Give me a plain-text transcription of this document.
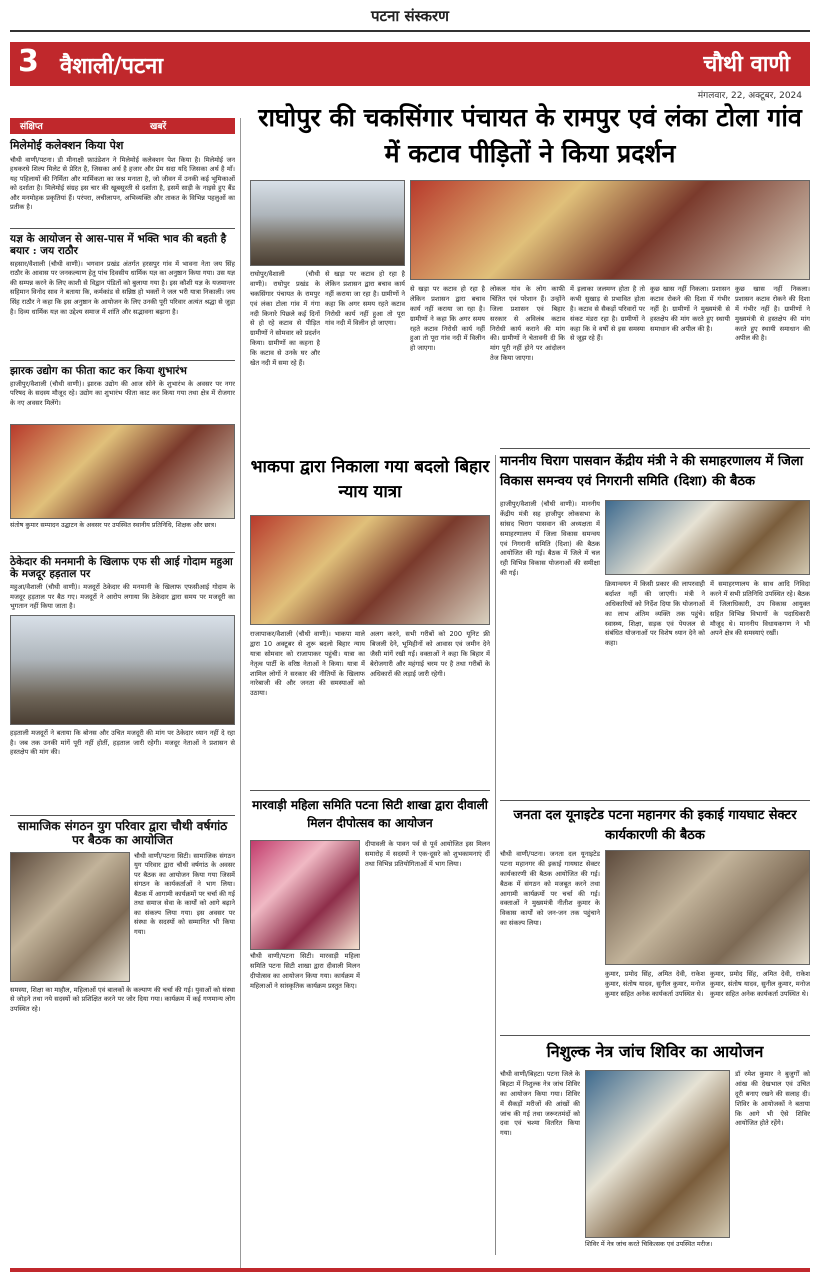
पटना संस्करण
3 वैशाली/पटना	चौथी वाणी
मंगलवार, 22, अक्टूबर, 2024
संक्षिप्त	खबरें
मिलेमोई कलेक्शन किया पेश
चौथी वाणी/पटना। डी मीनाक्षी फ़ाउंडेशन ने मिलेमोई कलेक्शन पेश किया है। मिलेमोई जन हथकरघे शिल्प मिलेट से प्रेरित है, जिसका अर्थ है हजार और प्रेम सदा यदि जिसका अर्थ है माँ। यह पहिलायों की निर्मिता और मार्मिकता का जश्न मनाता है, जो जीवन में उनकी कई भूमिकाओं को दर्शाता है। मिलेमोई संग्रह इस चार की खूबसूरती से दर्शाता है, इसमें साड़ी के नाइसे हुए बैंड और मनमोहक प्रकृतियां हैं। परंपरा, लचीलापन, अभिव्यक्ति और ताकत के विभिन्न पहलुओं का प्रतीक है।
यज्ञ के आयोजन से आस-पास में भक्ति भाव की बहती है बयार : जय राठौर
सहसार/वैशाली (चौथी वाणी)। भगवान प्रखंड अंतर्गत हरसपुर गांव में भावना नेता जय सिंह राठौर के आवास पर जनकल्याण हेतु पांच दिवसीय धार्मिक यज्ञ का अनुष्ठान किया गया। उस यज्ञ की सम्पन्न करने के लिए काशी से विद्वान पंडितों को बुलाया गया है। इस कौशी यज्ञ के यजमान्तर सहिमान विनोद साव ने बताया कि, कर्मकांड से सन्निष्ठ हो भक्तों ने जल भरी यात्रा निकाली। जय सिंह राठौर ने कहा कि इस अनुष्ठान के आयोजन के लिए उनकी पूरी परिवार अत्यंत श्रद्धा से जुड़ा है। दिव्य धार्मिक यज्ञ का उद्देश्य समाज में शांति और सद्भावना बढ़ाना है।
झारक उद्योग का फीता काट कर किया शुभारंभ
हाजीपुर/वैशाली (चौथी वाणी)। झारक उद्योग की आज सोने के शुभारंभ के अवसर पर नगर परिषद के सदस्य मौजूद रहे। उद्योग का शुभारंभ फीता काट कर किया गया तथा क्षेत्र में रोजगार के नए अवसर मिलेंगे।
संतोष कुमार सम्पादन उद्घाटन के अवसर पर उपस्थित स्थानीय प्रतिनिधि, शिक्षक और छात्र।
ठेकेदार की मनमानी के खिलाफ एफ सी आई गोदाम महुआ के मजदूर हड़ताल पर
महुआ/वैशाली (चौथी वाणी)। मजदूरों ठेकेदार की मनमानी के खिलाफ एफसीआई गोदाम के मजदूर हड़ताल पर बैठ गए। मजदूरों ने आरोप लगाया कि ठेकेदार द्वारा समय पर मजदूरी का भुगतान नहीं किया जाता है।
हड़ताली मजदूरों ने बताया कि बोनस और उचित मजदूरी की मांग पर ठेकेदार ध्यान नहीं दे रहा है। जब तक उनकी मांगें पूरी नहीं होतीं, हड़ताल जारी रहेगी। मजदूर नेताओं ने प्रशासन से हस्तक्षेप की मांग की।
सामाजिक संगठन युग परिवार द्वारा चौथी वर्षगांठ पर बैठक का आयोजित
चौथी वाणी/पटना सिटी। सामाजिक संगठन युग परिवार द्वारा चौथी वर्षगांठ के अवसर पर बैठक का आयोजन किया गया जिसमें संगठन के कार्यकर्ताओं ने भाग लिया। बैठक में आगामी कार्यक्रमों पर चर्चा की गई तथा समाज सेवा के कार्यों को आगे बढ़ाने का संकल्प लिया गया। इस अवसर पर संस्था के सदस्यों को सम्मानित भी किया गया।
समस्या, शिक्षा का माहौल, महिलाओं एवं बालकों के कल्याण की चर्चा की गई। युवाओं को संस्था से जोड़ने तथा नये सदस्यों को प्रशिक्षित करने पर जोर दिया गया। कार्यक्रम में कई गणमान्य लोग उपस्थित रहे।
राघोपुर की चकसिंगार पंचायत के रामपुर एवं लंका टोला गांव में कटाव पीड़ितों ने किया प्रदर्शन
राघोपुर/वैशाली (चौथी वाणी)। राघोपुर प्रखंड के चकसिंगार पंचायत के रामपुर एवं लंका टोला गांव में गंगा नदी किनारे पिछले कई दिनों से हो रहे कटाव से पीड़ित ग्रामीणों ने सोमवार को प्रदर्शन किया। ग्रामीणों का कहना है कि कटाव से उनके घर और खेत नदी में समा रहे हैं।
से खड़ा पर कटाव हो रहा है लेकिन प्रशासन द्वारा बचाव कार्य नहीं कराया जा रहा है। ग्रामीणों ने कहा कि अगर समय रहते कटाव निरोधी कार्य नहीं हुआ तो पूरा गांव नदी में विलीन हो जाएगा।
से खड़ा पर कटाव हो रहा है लेकिन प्रशासन द्वारा बचाव कार्य नहीं कराया जा रहा है। ग्रामीणों ने कहा कि अगर समय रहते कटाव निरोधी कार्य नहीं हुआ तो पूरा गांव नदी में विलीन हो जाएगा।
लोकल गांव के लोग काफी चिंतित एवं परेशान हैं। उन्होंने जिला प्रशासन एवं बिहार सरकार से अविलंब कटाव निरोधी कार्य कराने की मांग की। ग्रामीणों ने चेतावनी दी कि मांग पूरी नहीं होने पर आंदोलन तेज किया जाएगा।
में इलाका जलमग्न होता है तो कभी सुखाड़ से प्रभावित होता है। कटाव से सैकड़ों परिवारों पर संकट मंडरा रहा है। ग्रामीणों ने कहा कि वे वर्षों से इस समस्या से जूझ रहे हैं।
कुछ खास नहीं निकला। प्रशासन कटाव रोकने की दिशा में गंभीर नहीं है। ग्रामीणों ने मुख्यमंत्री से हस्तक्षेप की मांग करते हुए स्थायी समाधान की अपील की है।
कुछ खास नहीं निकला। प्रशासन कटाव रोकने की दिशा में गंभीर नहीं है। ग्रामीणों ने मुख्यमंत्री से हस्तक्षेप की मांग करते हुए स्थायी समाधान की अपील की है।
भाकपा द्वारा निकाला गया बदलो बिहार न्याय यात्रा
राजापाकर/वैशाली (चौथी वाणी)। भाकपा माले द्वारा 10 अक्टूबर से शुरू बदलो बिहार न्याय यात्रा सोमवार को राजापाकर पहुंची। यात्रा का नेतृत्व पार्टी के वरिष्ठ नेताओं ने किया। यात्रा में शामिल लोगों ने सरकार की नीतियों के खिलाफ नारेबाजी की और जनता की समस्याओं को उठाया।
अलग करने, सभी गरीबों को 200 यूनिट फ्री बिजली देने, भूमिहीनों को आवास एवं जमीन देने जैसी मांगें रखी गईं। वक्ताओं ने कहा कि बिहार में बेरोजगारी और महंगाई चरम पर है तथा गरीबों के अधिकारों की लड़ाई जारी रहेगी।
मारवाड़ी महिला समिति पटना सिटी शाखा द्वारा दीवाली मिलन दीपोत्सव का आयोजन
चौथी वाणी/पटना सिटी। मारवाड़ी महिला समिति पटना सिटी शाखा द्वारा दीवाली मिलन दीपोत्सव का आयोजन किया गया। कार्यक्रम में महिलाओं ने सांस्कृतिक कार्यक्रम प्रस्तुत किए।
दीपावली के पावन पर्व से पूर्व आयोजित इस मिलन समारोह में सदस्यों ने एक-दूसरे को शुभकामनाएं दीं तथा विभिन्न प्रतियोगिताओं में भाग लिया।
माननीय चिराग पासवान केंद्रीय मंत्री ने की समाहरणालय में जिला विकास समन्वय एवं निगरानी समिति (दिशा) की बैठक
हाजीपुर/वैशाली (चौथी वाणी)। माननीय केंद्रीय मंत्री सह हाजीपुर लोकसभा के सांसद चिराग पासवान की अध्यक्षता में समाहरणालय में जिला विकास समन्वय एवं निगरानी समिति (दिशा) की बैठक आयोजित की गई। बैठक में जिले में चल रही विभिन्न विकास योजनाओं की समीक्षा की गई।
क्रियान्वयन में किसी प्रकार की लापरवाही बर्दाश्त नहीं की जाएगी। मंत्री ने अधिकारियों को निर्देश दिया कि योजनाओं का लाभ अंतिम व्यक्ति तक पहुंचे। स्वास्थ्य, शिक्षा, सड़क एवं पेयजल से संबंधित योजनाओं पर विशेष ध्यान देने को कहा।
में समाहरणालय के साथ आदि निविदा करने में सभी प्रतिनिधि उपस्थित रहे। बैठक में जिलाधिकारी, उप विकास आयुक्त सहित विभिन्न विभागों के पदाधिकारी मौजूद थे। माननीय विधायकगण ने भी अपने क्षेत्र की समस्याएं रखीं।
जनता दल यूनाइटेड पटना महानगर की इकाई गायघाट सेक्टर कार्यकारणी की बैठक
चौथी वाणी/पटना। जनता दल यूनाइटेड पटना महानगर की इकाई गायघाट सेक्टर कार्यकारणी की बैठक आयोजित की गई। बैठक में संगठन को मजबूत करने तथा आगामी कार्यक्रमों पर चर्चा की गई। वक्ताओं ने मुख्यमंत्री नीतीश कुमार के विकास कार्यों को जन-जन तक पहुंचाने का संकल्प लिया।
कुमार, प्रमोद सिंह, अमित देवी, राकेश कुमार, संतोष यादव, सुनील कुमार, मनोज कुमार सहित अनेक कार्यकर्ता उपस्थित थे।
कुमार, प्रमोद सिंह, अमित देवी, राकेश कुमार, संतोष यादव, सुनील कुमार, मनोज कुमार सहित अनेक कार्यकर्ता उपस्थित थे।
निशुल्क नेत्र जांच शिविर का आयोजन
चौथी वाणी/बिहटा। पटना जिले के बिहटा में निशुल्क नेत्र जांच शिविर का आयोजन किया गया। शिविर में सैकड़ों मरीजों की आंखों की जांच की गई तथा जरूरतमंदों को दवा एवं चश्मा वितरित किया गया।
शिविर में नेत्र जांच करते चिकित्सक एवं उपस्थित मरीज।
डॉ रमेश कुमार ने बुजुर्गों को आंख की देखभाल एवं उचित दूरी बनाए रखने की सलाह दी। शिविर के आयोजकों ने बताया कि आगे भी ऐसे शिविर आयोजित होते रहेंगे।
